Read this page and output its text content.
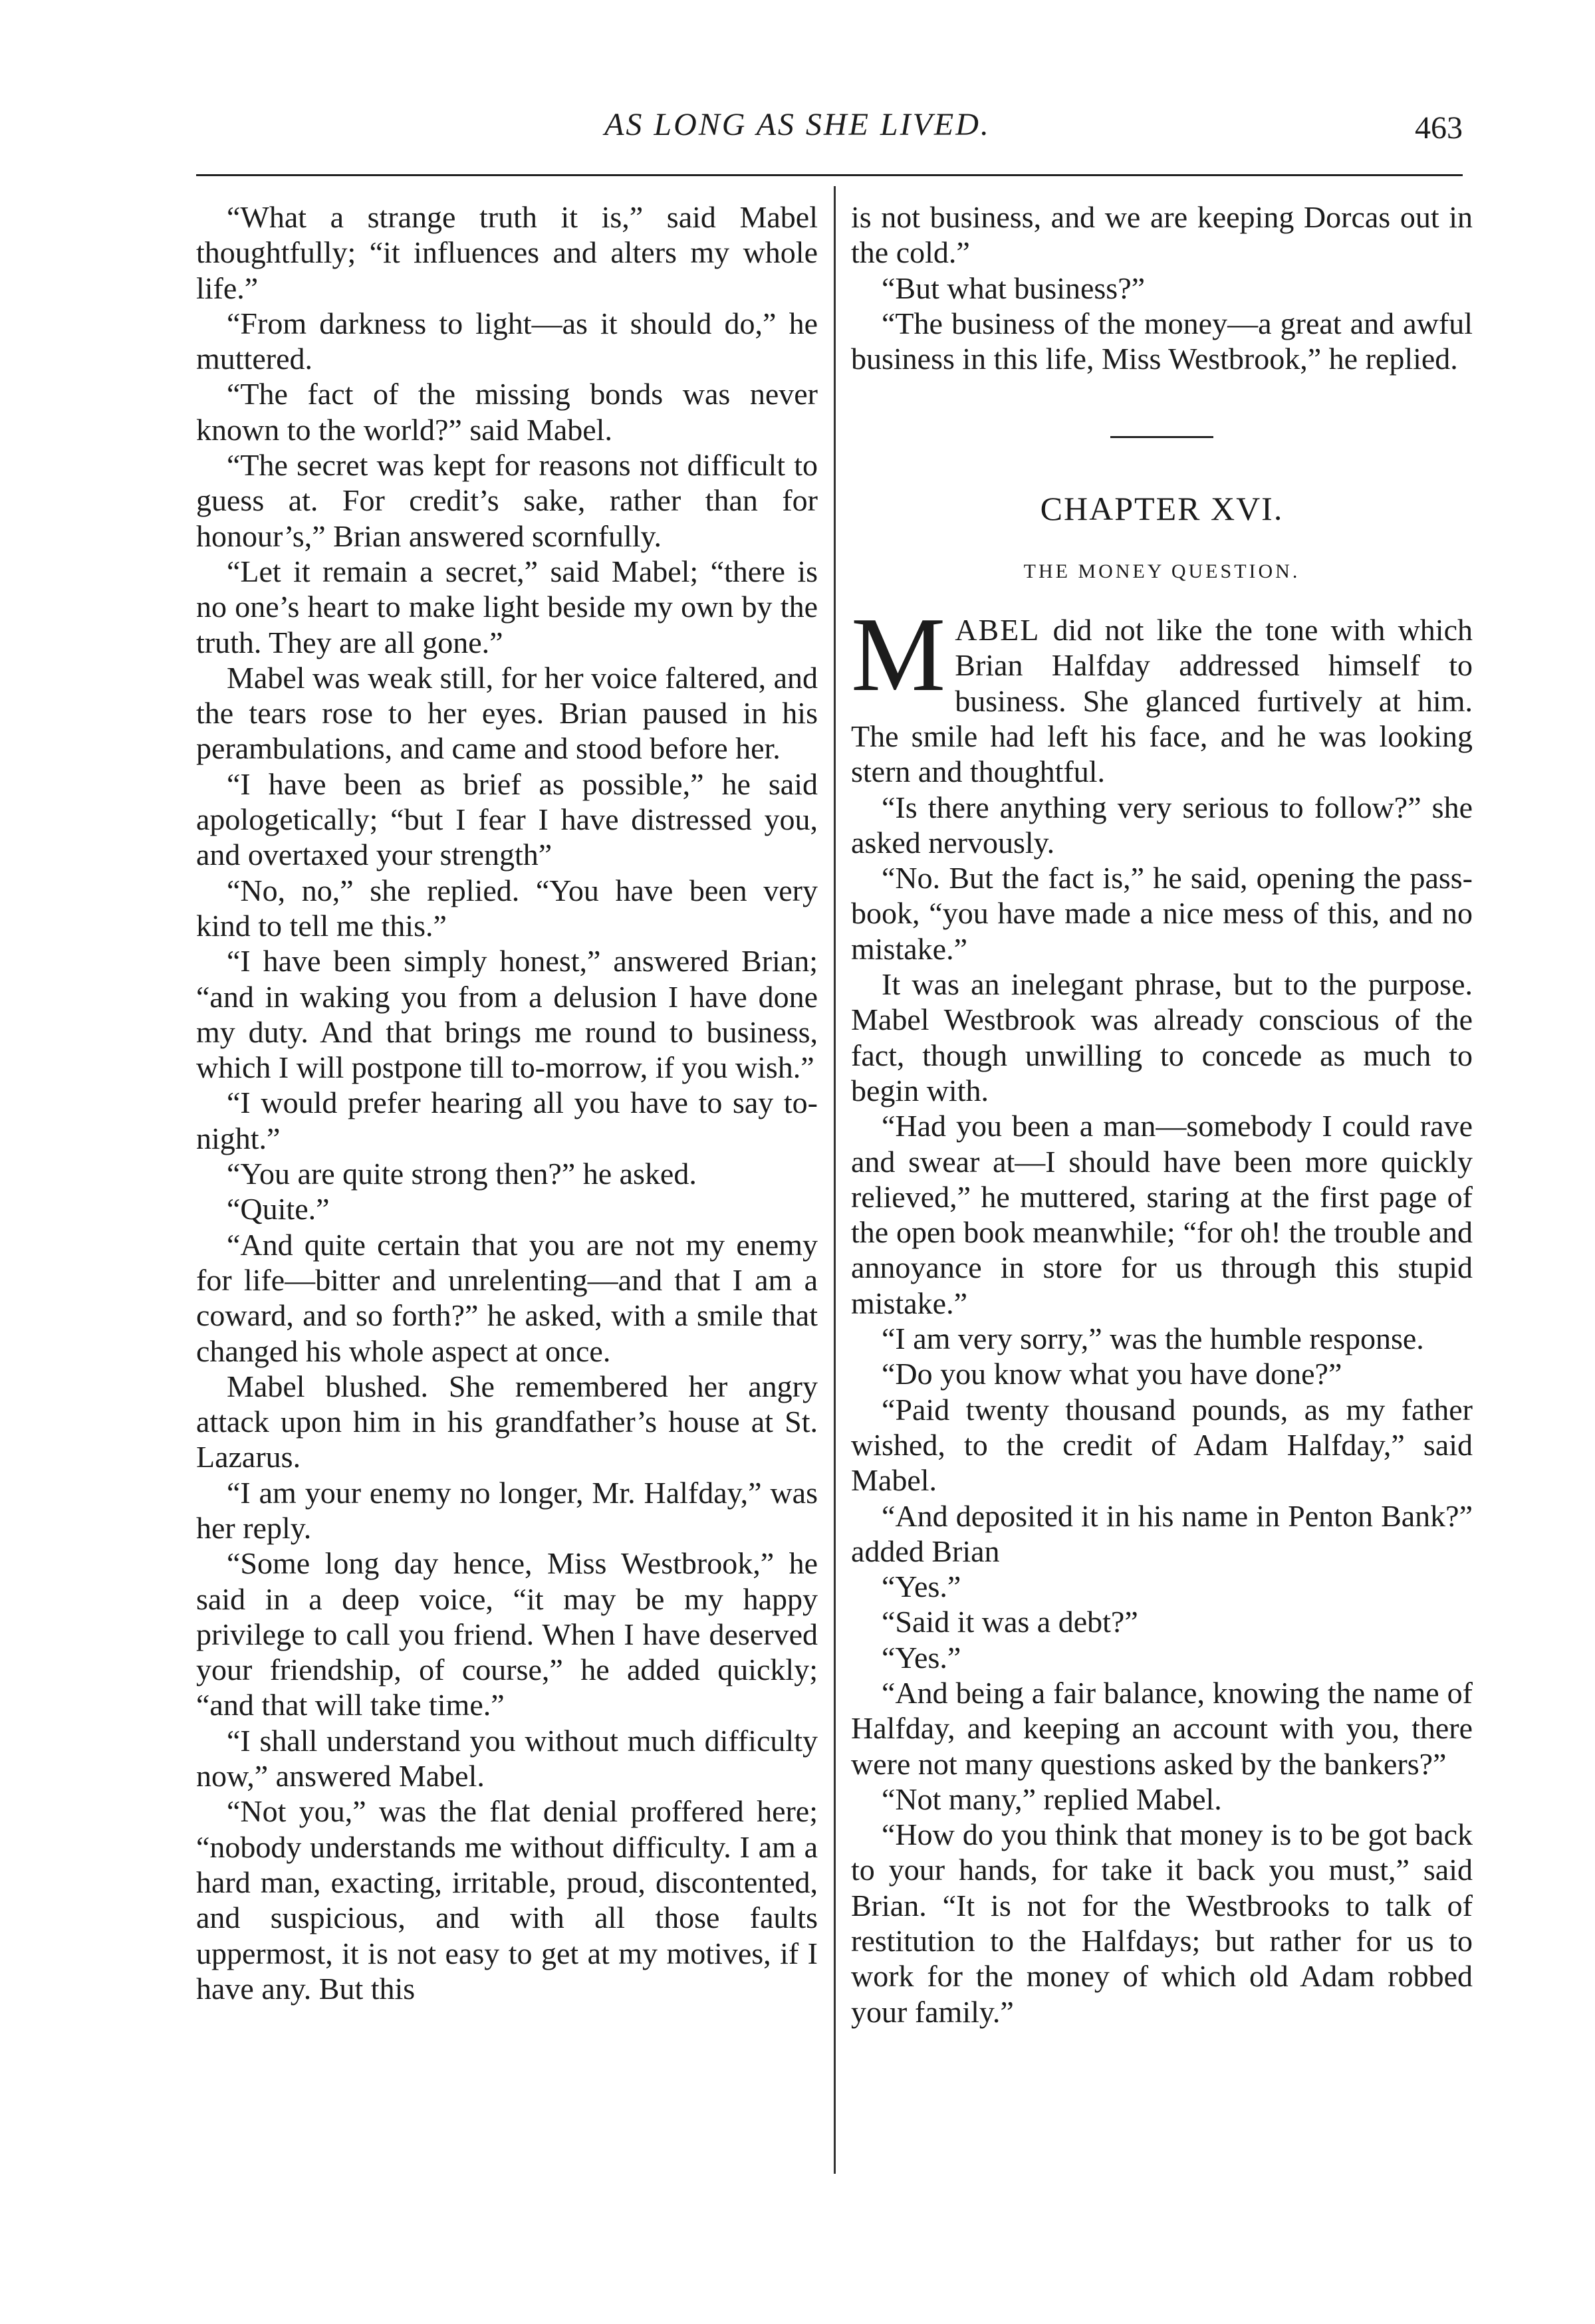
AS LONG AS SHE LIVED.	463

“What a strange truth it is,” said Mabel thoughtfully; “it influences and alters my whole life.”

“From darkness to light—as it should do,” he muttered.

“The fact of the missing bonds was never known to the world?” said Mabel.

“The secret was kept for reasons not difficult to guess at. For credit’s sake, rather than for honour’s,” Brian answered scornfully.

“Let it remain a secret,” said Mabel; “there is no one’s heart to make light beside my own by the truth. They are all gone.”

Mabel was weak still, for her voice faltered, and the tears rose to her eyes. Brian paused in his perambulations, and came and stood before her.

“I have been as brief as possible,” he said apologetically; “but I fear I have distressed you, and overtaxed your strength”

“No, no,” she replied. “You have been very kind to tell me this.”

“I have been simply honest,” answered Brian; “and in waking you from a delusion I have done my duty. And that brings me round to business, which I will postpone till to-morrow, if you wish.”

“I would prefer hearing all you have to say to-night.”

“You are quite strong then?” he asked.

“Quite.”

“And quite certain that you are not my enemy for life—bitter and unrelenting—and that I am a coward, and so forth?” he asked, with a smile that changed his whole aspect at once.

Mabel blushed. She remembered her angry attack upon him in his grandfather’s house at St. Lazarus.

“I am your enemy no longer, Mr. Halfday,” was her reply.

“Some long day hence, Miss Westbrook,” he said in a deep voice, “it may be my happy privilege to call you friend. When I have deserved your friendship, of course,” he added quickly; “and that will take time.”

“I shall understand you without much difficulty now,” answered Mabel.

“Not you,” was the flat denial proffered here; “nobody understands me without difficulty. I am a hard man, exacting, irritable, proud, discontented, and suspicious, and with all those faults uppermost, it is not easy to get at my motives, if I have any. But this

is not business, and we are keeping Dorcas out in the cold.”

“But what business?”

“The business of the money—a great and awful business in this life, Miss Westbrook,” he replied.

CHAPTER XVI.
THE MONEY QUESTION.

MABEL did not like the tone with which Brian Halfday addressed himself to business. She glanced furtively at him. The smile had left his face, and he was looking stern and thoughtful.

“Is there anything very serious to follow?” she asked nervously.

“No. But the fact is,” he said, opening the pass-book, “you have made a nice mess of this, and no mistake.”

It was an inelegant phrase, but to the purpose. Mabel Westbrook was already conscious of the fact, though unwilling to concede as much to begin with.

“Had you been a man—somebody I could rave and swear at—I should have been more quickly relieved,” he muttered, staring at the first page of the open book meanwhile; “for oh! the trouble and annoyance in store for us through this stupid mistake.”

“I am very sorry,” was the humble response.

“Do you know what you have done?”

“Paid twenty thousand pounds, as my father wished, to the credit of Adam Halfday,” said Mabel.

“And deposited it in his name in Penton Bank?” added Brian

“Yes.”

“Said it was a debt?”

“Yes.”

“And being a fair balance, knowing the name of Halfday, and keeping an account with you, there were not many questions asked by the bankers?”

“Not many,” replied Mabel.

“How do you think that money is to be got back to your hands, for take it back you must,” said Brian. “It is not for the Westbrooks to talk of restitution to the Halfdays; but rather for us to work for the money of which old Adam robbed your family.”
